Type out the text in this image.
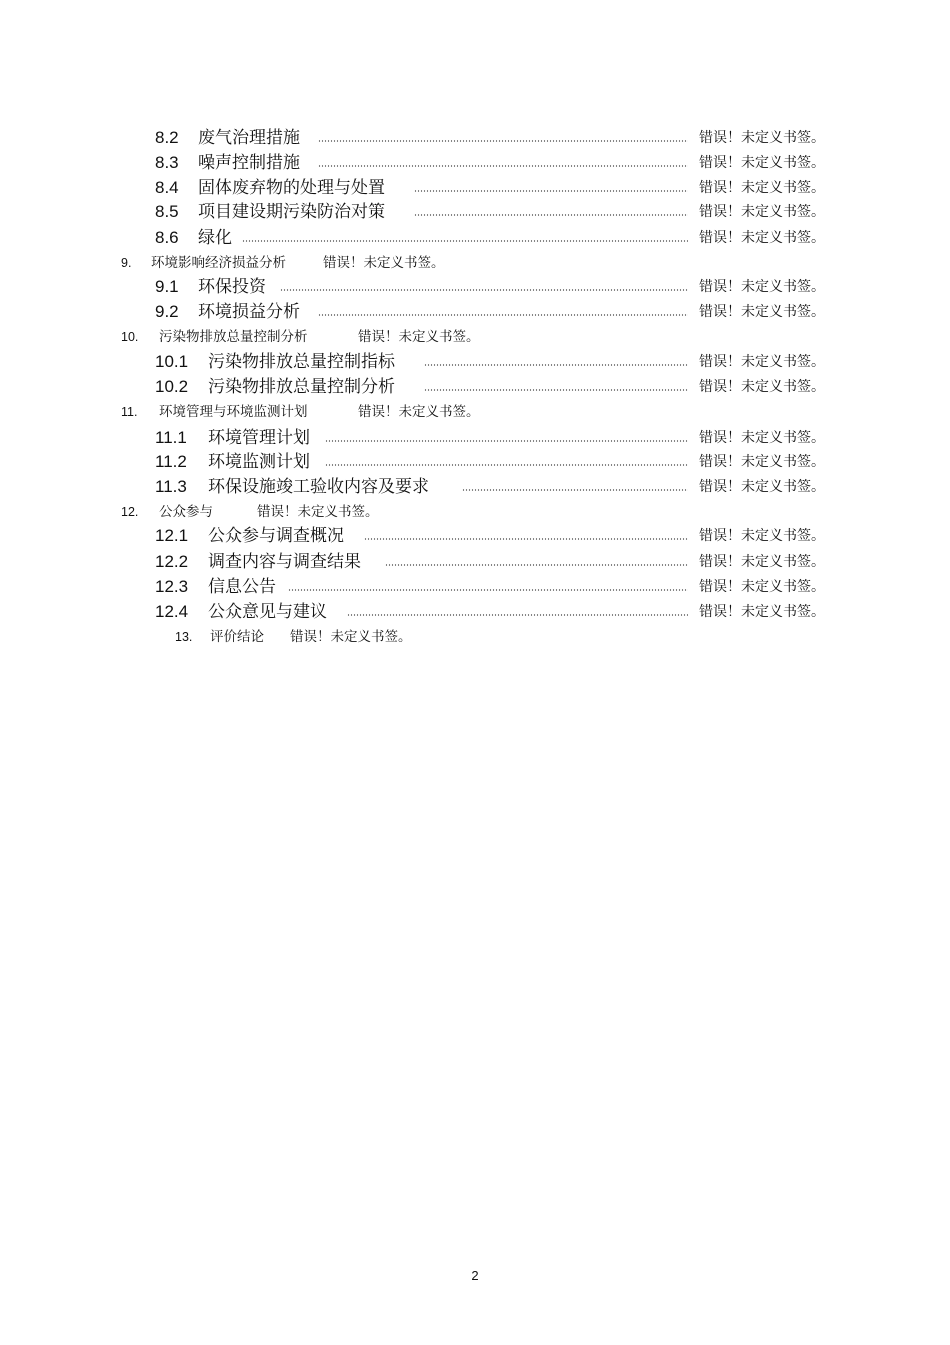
8.2 废气治理措施	错误！未定义书签。
8.3 噪声控制措施	错误！未定义书签。
8.4 固体废弃物的处理与处置	错误！未定义书签。
8.5 项目建设期污染防治对策	错误！未定义书签。
8.6 绿化	错误！未定义书签。
9. 环境影响经济损益分析	错误！未定义书签。
9.1 环保投资	错误！未定义书签。
9.2 环境损益分析	错误！未定义书签。
10. 污染物排放总量控制分析	错误！未定义书签。
10.1 污染物排放总量控制指标	错误！未定义书签。
10.2 污染物排放总量控制分析	错误！未定义书签。
11. 环境管理与环境监测计划	错误！未定义书签。
11.1 环境管理计划	错误！未定义书签。
11.2 环境监测计划	错误！未定义书签。
11.3 环保设施竣工验收内容及要求	错误！未定义书签。
12. 公众参与	错误！未定义书签。
12.1 公众参与调查概况	错误！未定义书签。
12.2 调查内容与调查结果	错误！未定义书签。
12.3 信息公告	错误！未定义书签。
12.4 公众意见与建议	错误！未定义书签。
13. 评价结论 错误！未定义书签。
2
